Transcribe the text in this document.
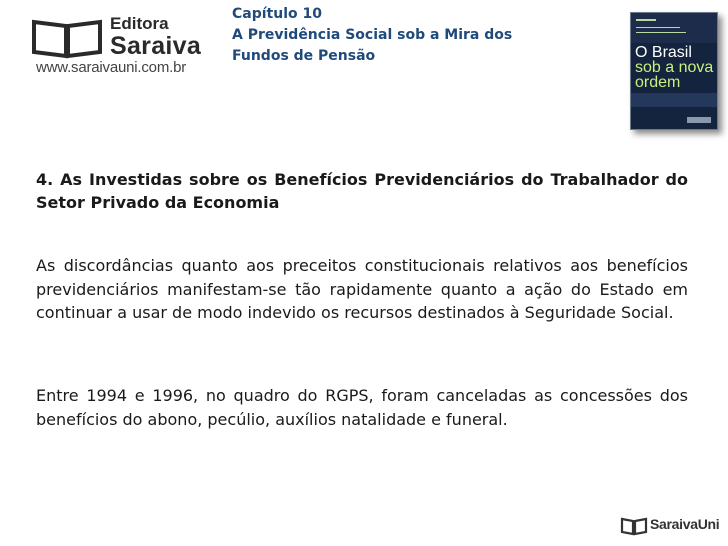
Editora
Saraiva
www.saraivauni.com.br
Capítulo 10
A Previdência Social sob a Mira dos
Fundos de Pensão	O Brasil
sob a nova
ordem
4. As Investidas sobre os Benefícios Previdenciários do Trabalhador do Setor Privado da Economia
As discordâncias quanto aos preceitos constitucionais relativos aos benefícios previdenciários manifestam-se tão rapidamente quanto a ação do Estado em continuar a usar de modo indevido os recursos destinados à Seguridade Social.
Entre 1994 e 1996, no quadro do RGPS, foram canceladas as concessões dos benefícios do abono, pecúlio, auxílios natalidade e funeral.
SaraivaUni
